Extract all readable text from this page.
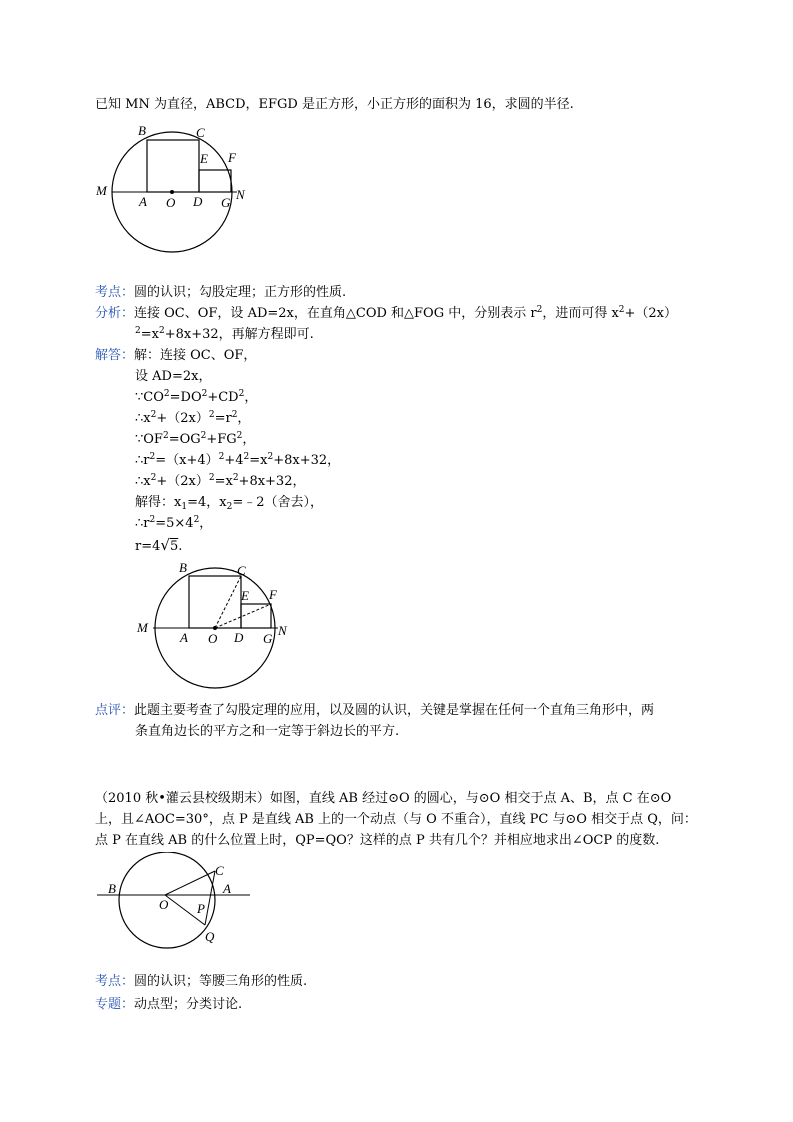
已知 MN 为直径，ABCD，EFGD 是正方形，小正方形的面积为 16，求圆的半径.
B	C
E F
M	N
A O D G
考点：圆的认识；勾股定理；正方形的性质.
分析：连接 OC、OF，设 AD=2x，在直角△COD 和△FOG 中，分别表示 $r^2$，进而可得 $x^2+(2x)$
$^2=x^2+8x+32$，再解方程即可.
解答：解：连接 OC、OF，
设 AD=2x，
$\because CO^2=DO^2+CD^2$，
$\therefore x^2+(2x)^2=r^2$，
$\because OF^2=OG^2+FG^2$，
$\therefore r^2=(x+4)^2+4^2=x^2+8x+32$，
$\therefore x^2+(2x)^2=x^2+8x+32$，
解得：$x_1=4$，$x_2=﹣2$（舍去），
$\therefore r^2=5\times 4^2$，
r=4√5.
B	C
E F
M	N
A O D G
点评：此题主要考查了勾股定理的应用，以及圆的认识，关键是掌握在任何一个直角三角形中，两
条直角边长的平方之和一定等于斜边长的平方.
（2010 秋•灌云县校级期末）如图，直线 AB 经过⊙O 的圆心，与⊙O 相交于点 A、B，点 C 在⊙O
上，且∠AOC=30°，点 P 是直线 AB 上的一个动点（与 O 不重合），直线 PC 与⊙O 相交于点 Q，问：
点 P 在直线 AB 的什么位置上时，QP=QO？这样的点 P 共有几个？并相应地求出∠OCP 的度数.
B
O
C
A
P
Q
考点：圆的认识；等腰三角形的性质.
专题：动点型；分类讨论.
